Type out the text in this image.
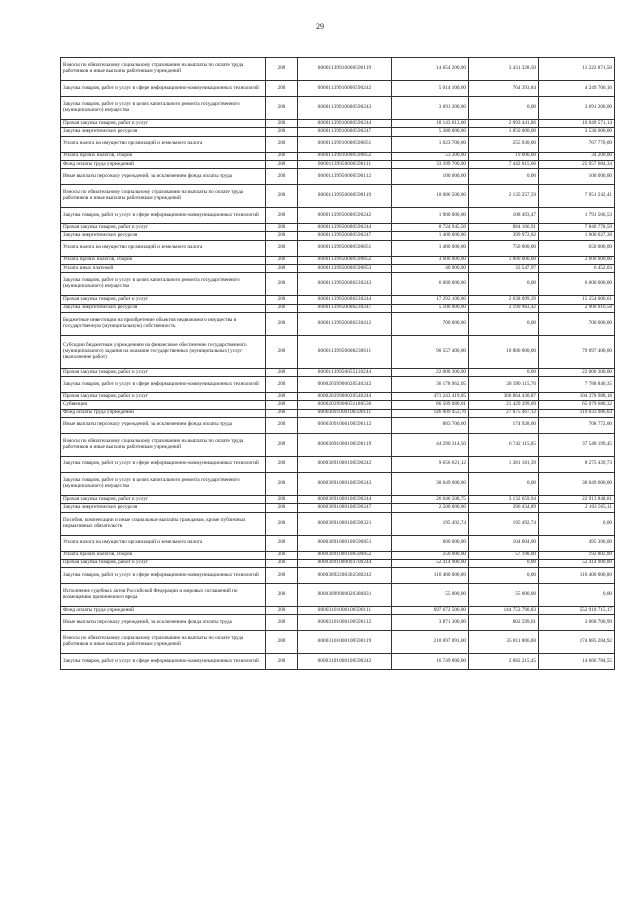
29
Взносы по обязательному социальному страхованию на выплаты по оплате труда работников и иные выплаты работникам учреждений	200	00001139910000590119	14 654 200,00	3 431 328,50	11 222 871,50
Закупка товаров, работ и услуг в сфере информационно-коммуникационных технологий	200	00001139910000590242	5 014 100,00	764 393,84	4 249 706,16
Закупка товаров, работ и услуг в целях капитального ремонта государственного (муниципального) имущества	200	00001139910000590243	3 691 200,00	0,00	3 691 200,00
Прочая закупка товаров, работ и услуг	200	00001139910000590244	18 143 013,00	2 093 441,86	16 049 571,14
Закупка энергетических ресурсов	200	00001139910000590247	5 380 000,00	1 850 000,00	3 530 000,00
Уплата налога на имущество организаций и земельного налога	200	00001139910000590851	1 023 700,00	255 930,00	767 770,00
Уплата прочих налогов, сборов	200	00001139910000590852	53 200,00	19 000,00	34 200,00
Фонд оплаты труда учреждений	200	00001139950000590111	33 399 700,00	7 442 015,66	25 957 684,34
Иные выплаты персоналу учреждений, за исключением фонда оплаты труда	200	00001139950000590112	100 000,00	0,00	100 000,00
Взносы по обязательному социальному страхованию на выплаты по оплате труда работников и иные выплаты работникам учреждений	200	00001139950000590119	10 086 500,00	2 135 257,59	7 951 242,41
Закупка товаров, работ и услуг в сфере информационно-коммуникационных технологий	200	00001139950000590242	1 900 000,00	108 493,47	1 791 506,53
Прочая закупка товаров, работ и услуг	200	00001139950000590244	8 724 945,50	884 166,91	7 840 778,59
Закупка энергетических ресурсов	200	00001139950000590247	1 400 000,00	399 972,62	1 000 027,38
Уплата налога на имущество организаций и земельного налога	200	00001139950000590851	1 400 000,00	750 000,00	650 000,00
Уплата прочих налогов, сборов	200	00001139950000590852	3 600 000,00	1 000 000,00	2 600 000,00
Уплата иных платежей	200	00001139950000590853	40 000,00	33 547,97	6 452,03
Закупка товаров, работ и услуг в целях капитального ремонта государственного (муниципального) имущества	200	00001139950008230243	6 000 000,00	0,00	6 000 000,00
Прочая закупка товаров, работ и услуг	200	00001139950008230244	17 292 100,00	2 038 099,39	15 254 000,61
Закупка энергетических ресурсов	200	00001139950008230247	5 100 000,00	2 199 983,42	2 900 016,58
Бюджетные инвестиции на приобретение объектов недвижимого имущества в государственную (муниципальную) собственность	200	00001139950008230412	700 000,00	0,00	700 000,00
Субсидии бюджетным учреждениям на финансовое обеспечение государственного (муниципального) задания на оказание государственных (муниципальных) услуг (выполнение работ)	200	00001139950008230611	90 557 400,00	10 880 000,00	79 697 400,00
Прочая закупка товаров, работ и услуг	200	00001139950055110244	22 000 300,00	0,00	22 000 300,00
Закупка товаров, работ и услуг в сфере информационно-коммуникационных технологий	200	00002039900020540242	36 178 962,05	28 390 115,70	7 788 846,35
Прочая закупка товаров, работ и услуг	200	00002039900020540244	471 243 419,05	366 864 430,87	104 378 988,18
Субвенции	200	00002039900051180530	86 509 080,01	21 429 399,69	65 079 680,32
Фонд оплаты труда учреждений	200	00003091000100590111	146 909 453,76	27 875 467,12	119 033 986,64
Иные выплаты персоналу учреждений, за исключением фонда оплаты труда	200	00003091000100590112	883 700,00	174 928,00	708 772,00
Взносы по обязательному социальному страхованию на выплаты по оплате труда работников и иные выплаты работникам учреждений	200	00003091000100590119	44 290 314,50	6 742 115,05	37 548 199,45
Закупка товаров, работ и услуг в сфере информационно-коммуникационных технологий	200	00003091000100590242	9 656 621,12	1 381 181,39	8 275 439,73
Закупка товаров, работ и услуг в целях капитального ремонта государственного (муниципального) имущества	200	00003091000100590243	30 049 600,00	0,00	30 049 600,00
Прочая закупка товаров, работ и услуг	200	00003091000100590244	26 046 508,75	3 132 659,94	22 913 848,81
Закупка энергетических ресурсов	200	00003091000100590247	2 500 000,00	396 434,89	2 103 565,11
Пособия, компенсации и иные социальные выплаты гражданам, кроме публичных нормативных обязательств	200	00003091000100590321	195 492,74	195 492,74	0,00
Уплата налога на имущество организаций и земельного налога	200	00003091000100590851	600 000,00	104 604,00	495 396,00
Уплата прочих налогов, сборов	200	00003091000100590852	250 000,00	57 198,00	192 802,00
Прочая закупка товаров, работ и услуг	200	00003091000093700244	52 414 900,00	0,00	52 414 900,00
Закупка товаров, работ и услуг в сфере информационно-коммуникационных технологий	200	00003092200302580242	116 400 000,00	0,00	116 400 000,00
Исполнение судебных актов Российской Федерации и мировых соглашений по возмещению причиненного вреда	200	00003099900020380831	55 000,00	55 000,00	0,00
Фонд оплаты труда учреждений	200	00003101000100590111	697 672 506,00	144 753 790,83	552 918 715,17
Иные выплаты персоналу учреждений, за исключением фонда оплаты труда	200	00003101000100590112	3 871 300,00	802 599,01	3 068 700,99
Взносы по обязательному социальному страхованию на выплаты по оплате труда работников и иные выплаты работникам учреждений	200	00003101000100590119	210 697 091,00	35 811 806,08	174 885 284,92
Закупка товаров, работ и услуг в сфере информационно-коммуникационных технологий	200	00003101000100590242	16 749 000,00	2 082 215,45	14 666 784,55
